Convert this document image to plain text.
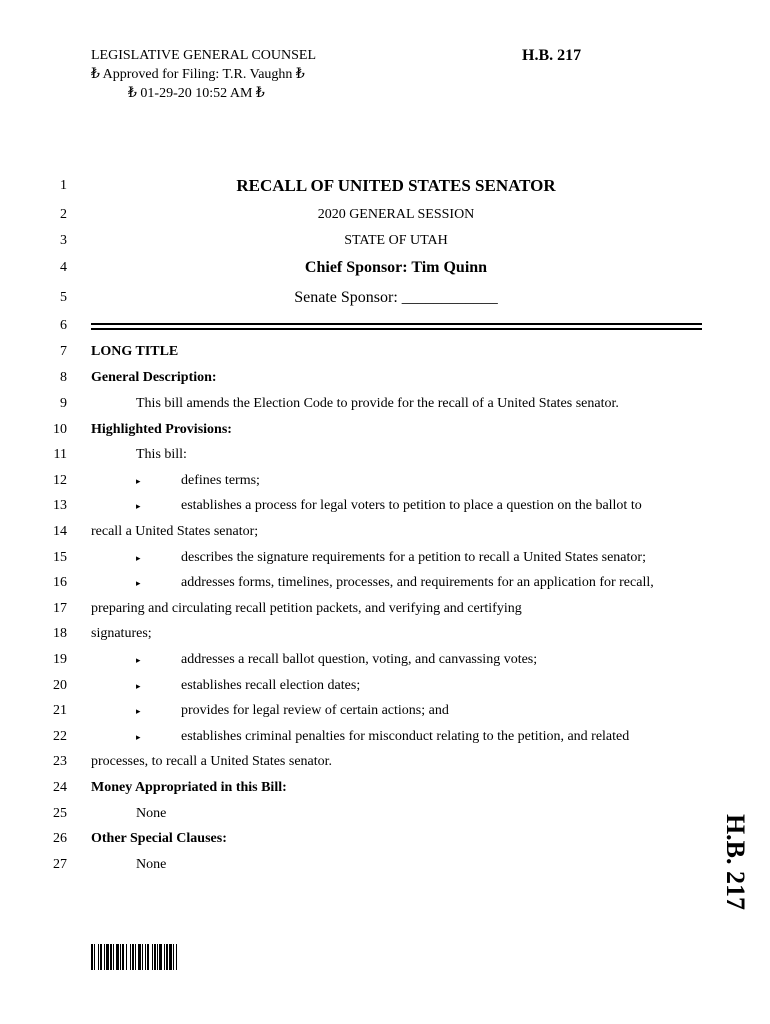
LEGISLATIVE GENERAL COUNSEL
₺ Approved for Filing: T.R. Vaughn ₺
₺ 01-29-20 10:52 AM ₺
H.B. 217
1
2
3
4
5
6
7
8
9
10
11
12
13
14
15
16
17
18
19
20
21
22
23
24
25
26
27
RECALL OF UNITED STATES SENATOR
2020 GENERAL SESSION
STATE OF UTAH
Chief Sponsor: Tim Quinn
Senate Sponsor: ____________
LONG TITLE
General Description:
This bill amends the Election Code to provide for the recall of a United States senator.
Highlighted Provisions:
This bill:
▸	defines terms;
▸	establishes a process for legal voters to petition to place a question on the ballot to
recall a United States senator;
▸	describes the signature requirements for a petition to recall a United States senator;
▸	addresses forms, timelines, processes, and requirements for an application for recall,
preparing and circulating recall petition packets, and verifying and certifying
signatures;
▸	addresses a recall ballot question, voting, and canvassing votes;
▸	establishes recall election dates;
▸	provides for legal review of certain actions; and
▸	establishes criminal penalties for misconduct relating to the petition, and related
processes, to recall a United States senator.
Money Appropriated in this Bill:
None
Other Special Clauses:
None	H.B. 217
